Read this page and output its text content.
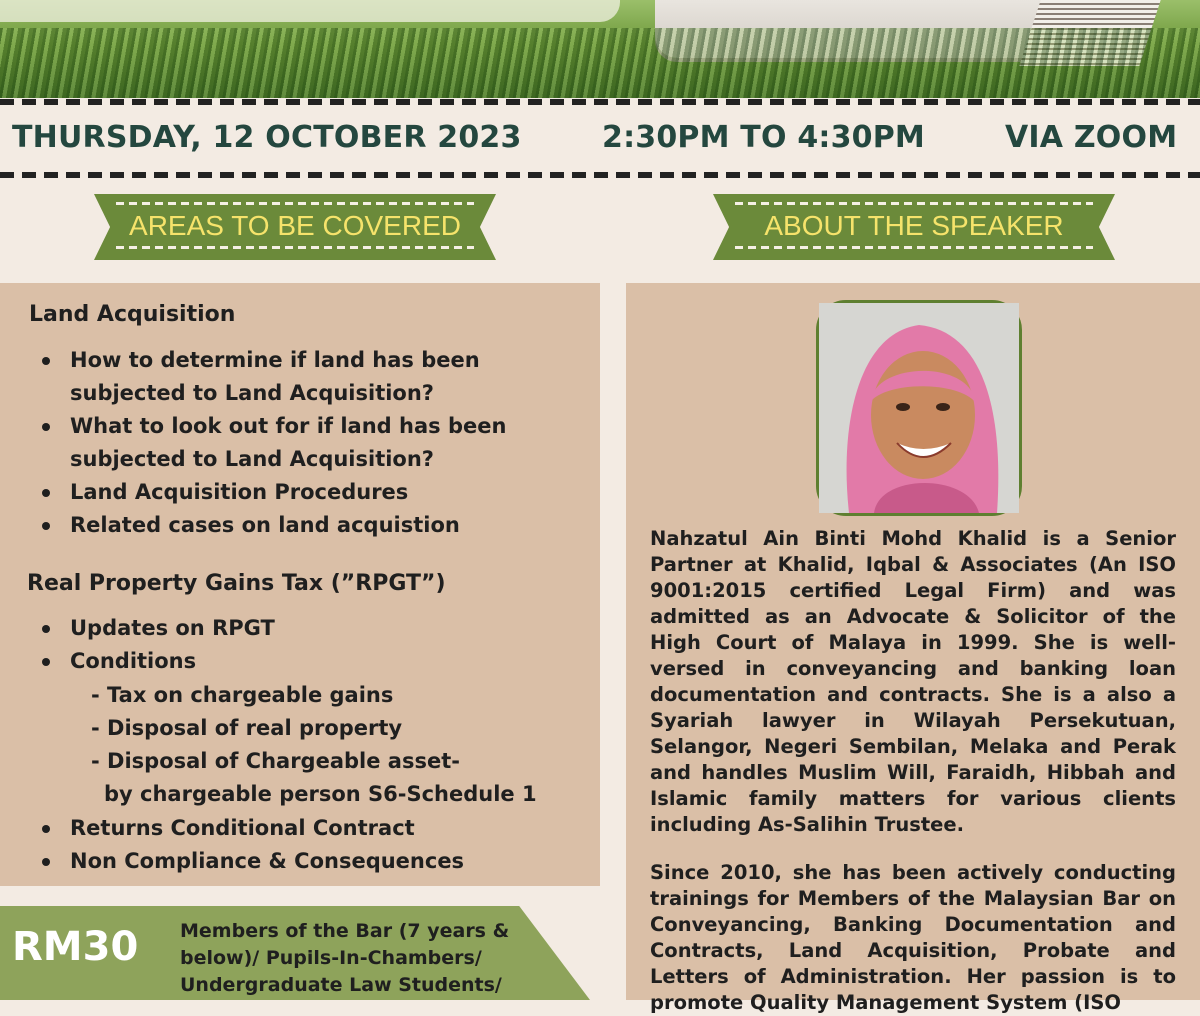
THURSDAY, 12 OCTOBER 2023	2:30PM TO 4:30PM	VIA ZOOM
AREAS TO BE COVERED	ABOUT THE SPEAKER
Land Acquisition
How to determine if land has been subjected to Land Acquisition?
What to look out for if land has been subjected to Land Acquisition?
Land Acquisition Procedures
Related cases on land acquistion
Real Property Gains Tax (”RPGT”)
Updates on RPGT
Conditions
- Tax on chargeable gains
- Disposal of real property
- Disposal of Chargeable asset-
by chargeable person S6-Schedule 1
Returns Conditional Contract
Non Compliance & Consequences
Nahzatul Ain Binti Mohd Khalid is a Senior Partner at Khalid, Iqbal & Associates (An ISO 9001:2015 certified Legal Firm) and was admitted as an Advocate & Solicitor of the High Court of Malaya in 1999. She is well-versed in conveyancing and banking loan documentation and contracts. She is a also a Syariah lawyer in Wilayah Persekutuan, Selangor, Negeri Sembilan, Melaka and Perak and handles Muslim Will, Faraidh, Hibbah and Islamic family matters for various clients including As-Salihin Trustee.
Since 2010, she has been actively conducting trainings for Members of the Malaysian Bar on Conveyancing, Banking Documentation and Contracts, Land Acquisition, Probate and Letters of Administration. Her passion is to promote Quality Management System (ISO
RM30 Members of the Bar (7 years & below)/ Pupils-In-Chambers/ Undergraduate Law Students/
